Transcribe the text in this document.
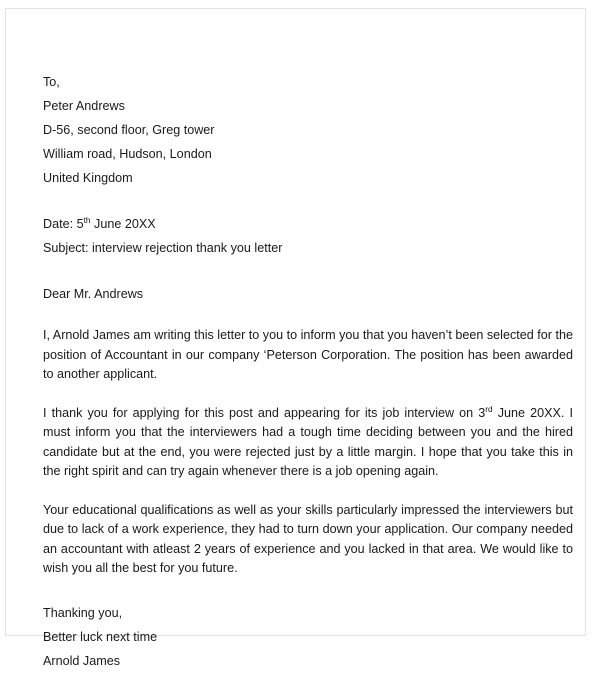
To,
Peter Andrews
D-56, second floor, Greg tower
William road, Hudson, London
United Kingdom
Date: 5th June 20XX
Subject: interview rejection thank you letter
Dear Mr. Andrews

I, Arnold James am writing this letter to you to inform you that you haven’t been selected for the position of Accountant in our company ‘Peterson Corporation. The position has been awarded to another applicant.

I thank you for applying for this post and appearing for its job interview on 3rd June 20XX. I must inform you that the interviewers had a tough time deciding between you and the hired candidate but at the end, you were rejected just by a little margin. I hope that you take this in the right spirit and can try again whenever there is a job opening again.

Your educational qualifications as well as your skills particularly impressed the interviewers but due to lack of a work experience, they had to turn down your application. Our company needed an accountant with atleast 2 years of experience and you lacked in that area. We would like to wish you all the best for you future.

Thanking you,
Better luck next time
Arnold James
